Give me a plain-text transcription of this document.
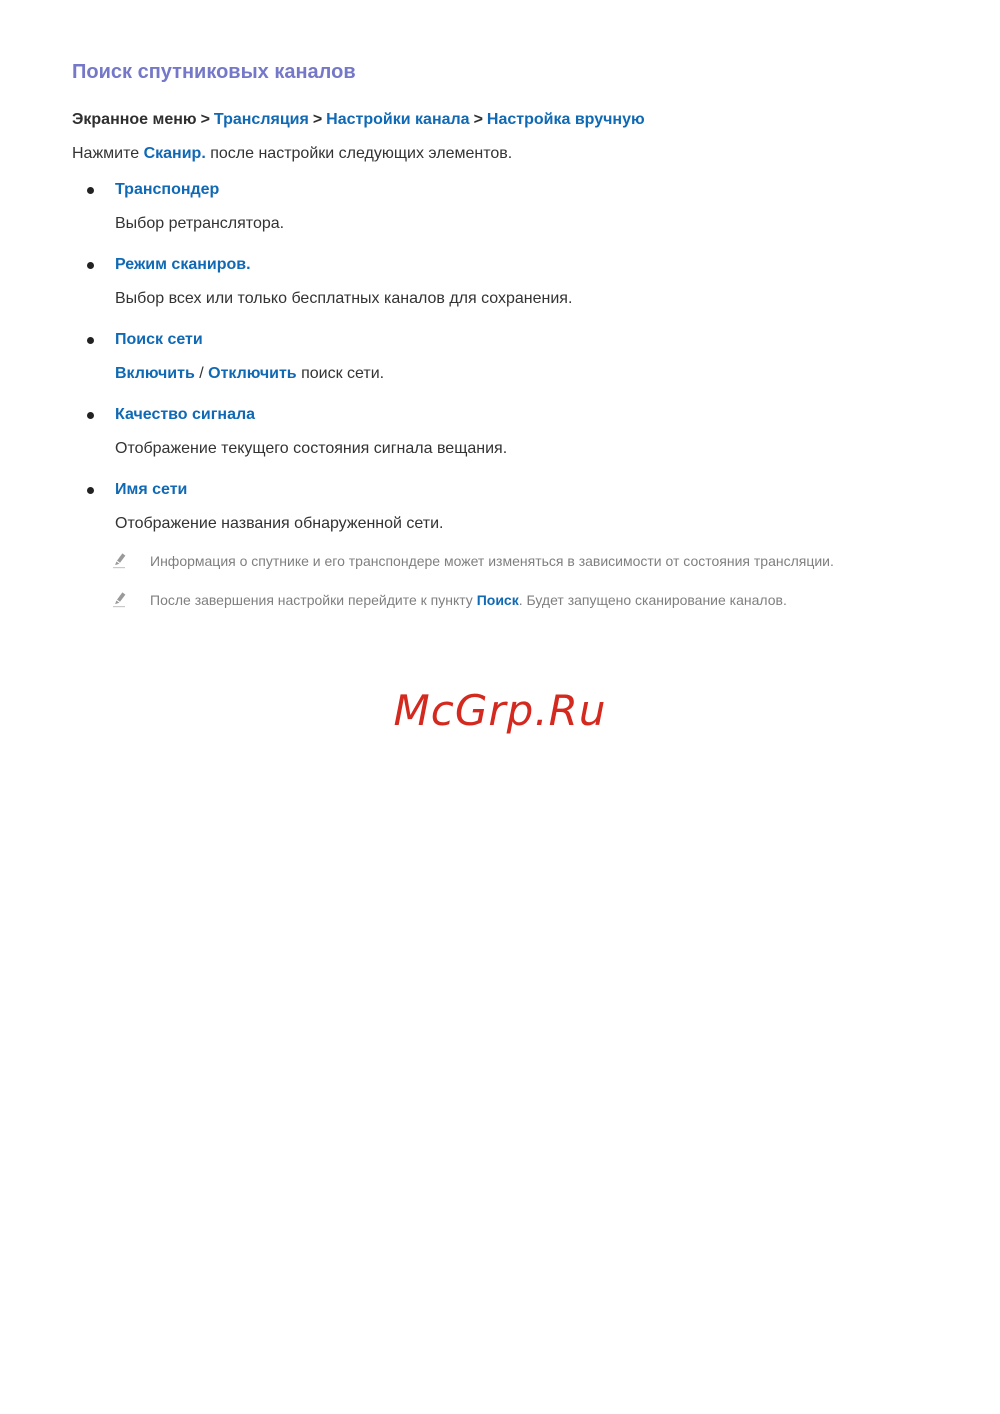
Поиск спутниковых каналов

Экранное меню > Трансляция > Настройки канала > Настройка вручную

Нажмите Сканир. после настройки следующих элементов.

Транспондер

Выбор ретранслятора.

Режим сканиров.

Выбор всех или только бесплатных каналов для сохранения.

Поиск сети

Включить / Отключить поиск сети.

Качество сигнала

Отображение текущего состояния сигнала вещания.

Имя сети

Отображение названия обнаруженной сети.

Информация о спутнике и его транспондере может изменяться в зависимости от состояния трансляции.

После завершения настройки перейдите к пункту Поиск. Будет запущено сканирование каналов.

McGrp.Ru
